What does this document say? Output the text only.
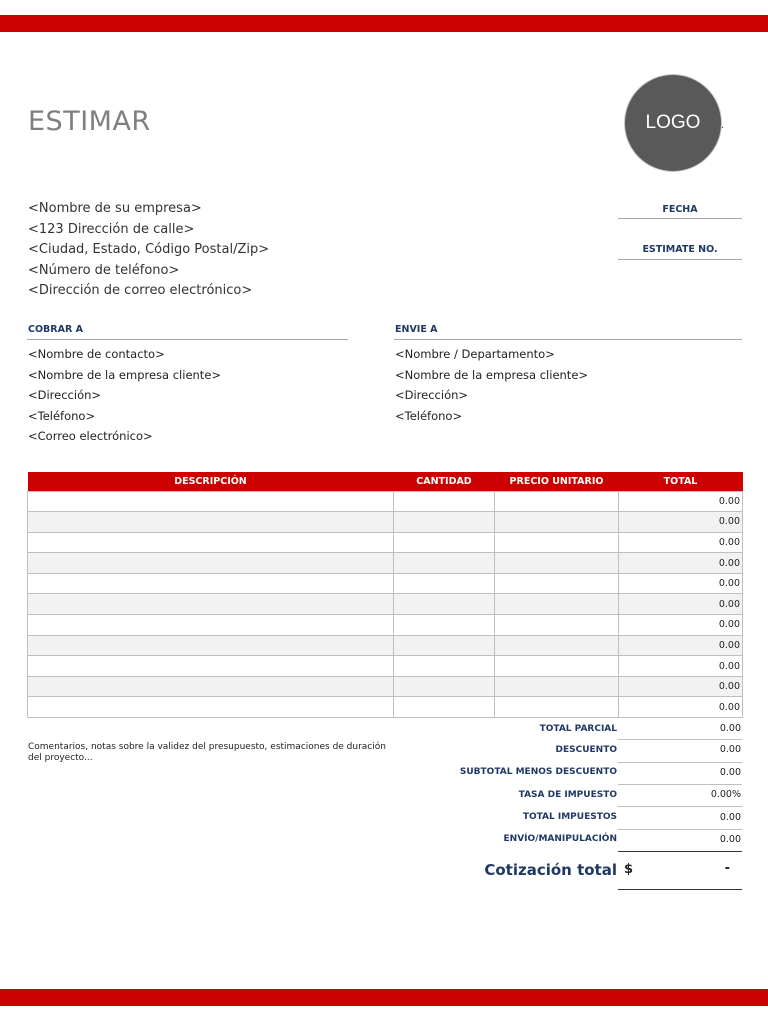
ESTIMAR	LOGO .
<Nombre de su empresa>
<123 Dirección de calle>
<Ciudad, Estado, Código Postal/Zip>
<Número de teléfono>
<Dirección de correo electrónico>
FECHA
ESTIMATE NO.
COBRAR A
<Nombre de contacto>
<Nombre de la empresa cliente>
<Dirección>
<Teléfono>
<Correo electrónico>
ENVIE A
<Nombre / Departamento>
<Nombre de la empresa cliente>
<Dirección>
<Teléfono>
DESCRIPCIÓN	CANTIDAD	PRECIO UNITARIO	TOTAL
			0.00
			0.00
			0.00
			0.00
			0.00
			0.00
			0.00
			0.00
			0.00
			0.00
			0.00
Comentarios, notas sobre la validez del presupuesto, estimaciones de duración del proyecto...
TOTAL PARCIAL	0.00
DESCUENTO	0.00
SUBTOTAL MENOS DESCUENTO	0.00
TASA DE IMPUESTO	0.00%
TOTAL IMPUESTOS	0.00
ENVÍO/MANIPULACIÓN	0.00
Cotización total $	-
